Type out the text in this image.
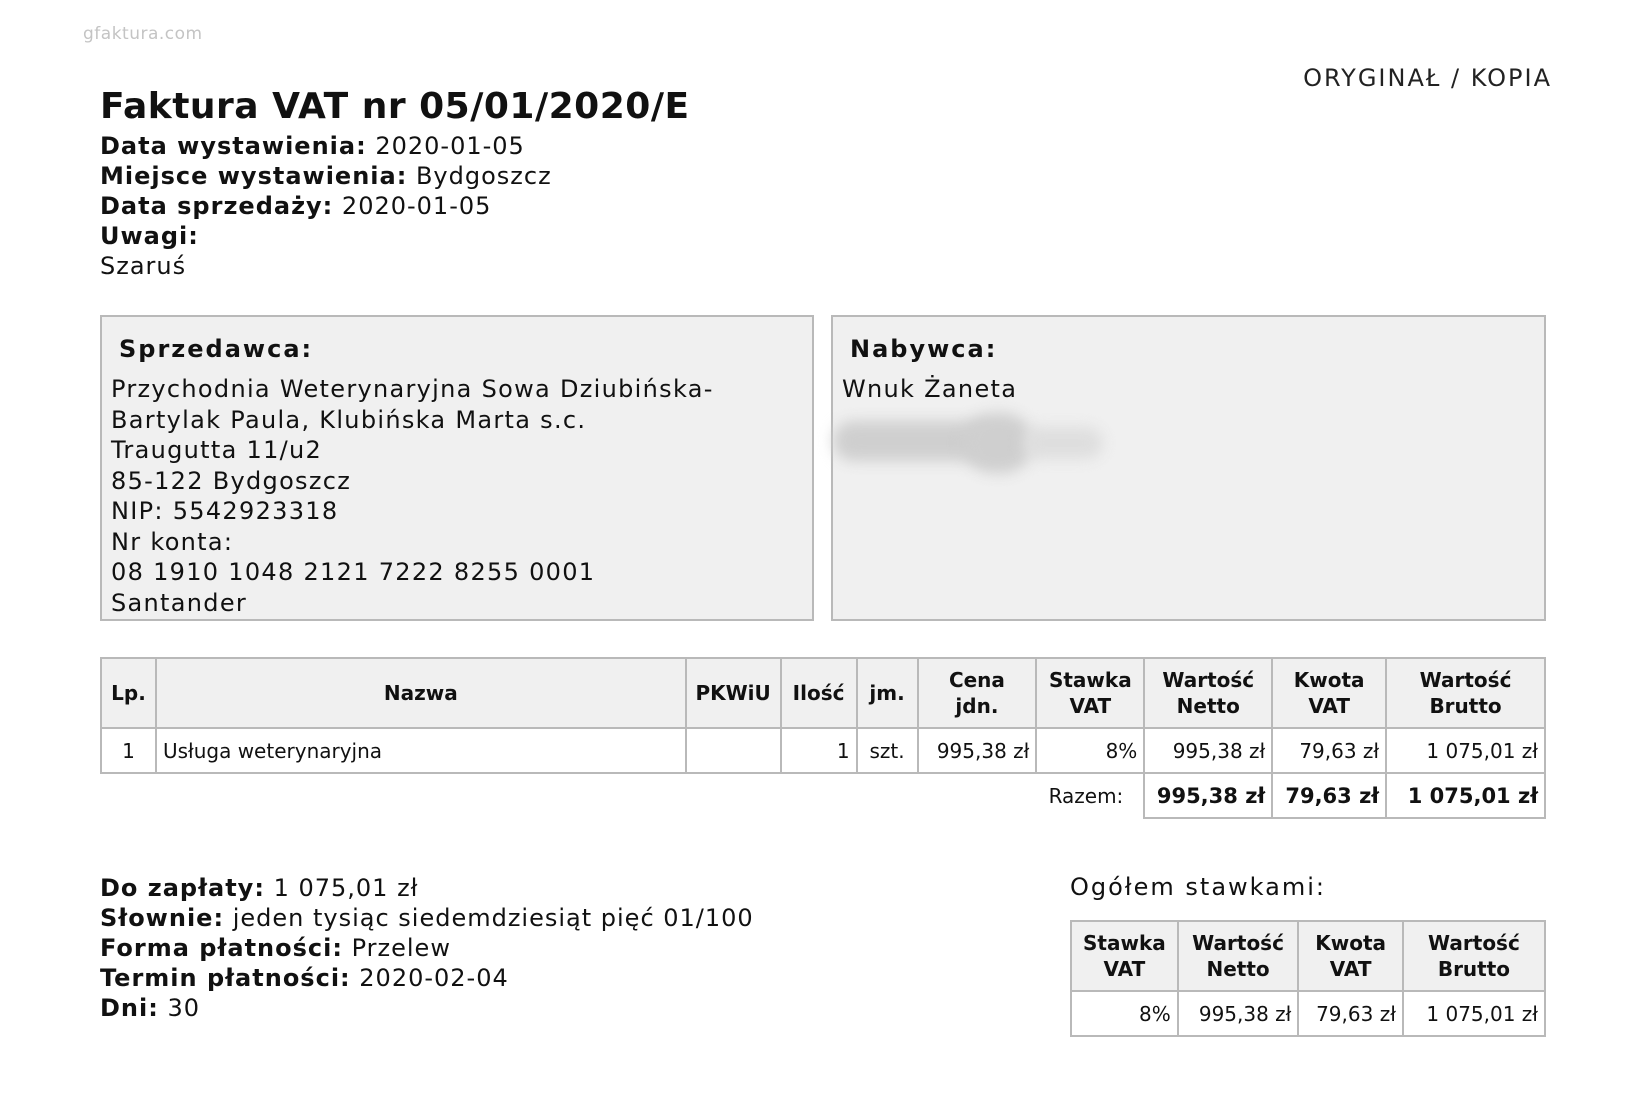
gfaktura.com
ORYGINAŁ / KOPIA
Faktura VAT nr 05/01/2020/E
Data wystawienia: 2020-01-05
Miejsce wystawienia: Bydgoszcz
Data sprzedaży: 2020-01-05
Uwagi:
Szaruś
Sprzedawca:
Przychodnia Weterynaryjna Sowa Dziubińska-
Bartylak Paula, Klubińska Marta s.c.
Traugutta 11/u2
85-122 Bydgoszcz
NIP: 5542923318
Nr konta:
08 1910 1048 2121 7222 8255 0001
Santander
Nabywca:
Wnuk Żaneta
Lp.	Nazwa	PKWiU	Ilość	jm.	Cena jdn.	Stawka VAT	Wartość Netto	Kwota VAT	Wartość Brutto
1	Usługa weterynaryjna		1	szt.	995,38 zł	8%	995,38 zł	79,63 zł	1 075,01 zł
					Razem:		995,38 zł	79,63 zł	1 075,01 zł
Do zapłaty: 1 075,01 zł
Słownie: jeden tysiąc siedemdziesiąt pięć 01/100
Forma płatności: Przelew
Termin płatności: 2020-02-04
Dni: 30
Ogółem stawkami:
Stawka VAT	Wartość Netto	Kwota VAT	Wartość Brutto
8%	995,38 zł	79,63 zł	1 075,01 zł
